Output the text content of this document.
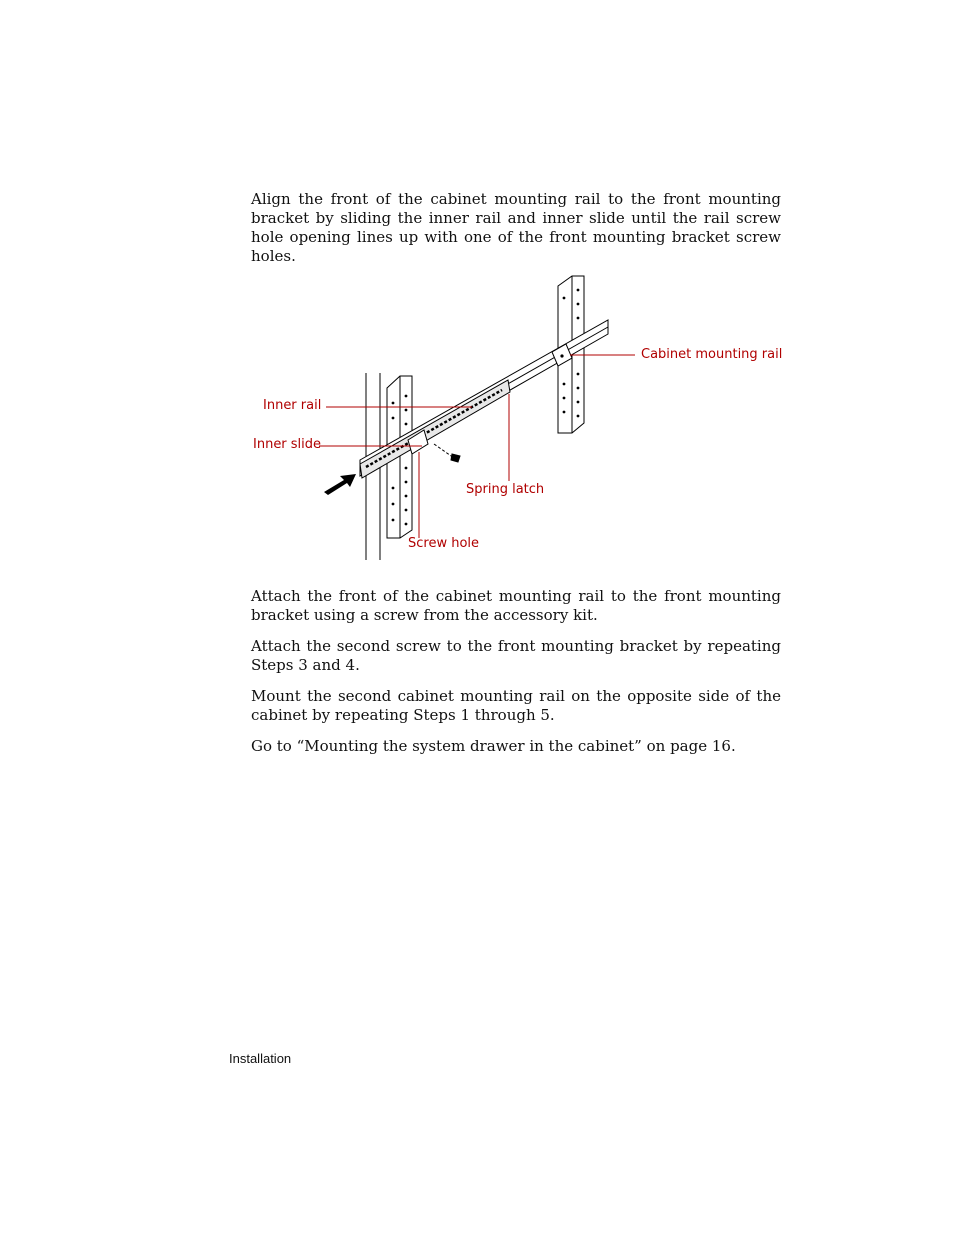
Align the front of the cabinet mounting rail to the front mounting bracket by sliding the inner rail and inner slide until the rail screw hole opening lines up with one of the front mounting bracket screw holes.

Cabinet mounting rail
Inner rail
Inner slide
Spring latch
Screw hole

Attach the front of the cabinet mounting rail to the front mounting bracket using a screw from the accessory kit.

Attach the second screw to the front mounting bracket by repeating Steps 3 and 4.

Mount the second cabinet mounting rail on the opposite side of the cabinet by repeating Steps 1 through 5.

Go to “Mounting the system drawer in the cabinet” on page 16.

Installation
